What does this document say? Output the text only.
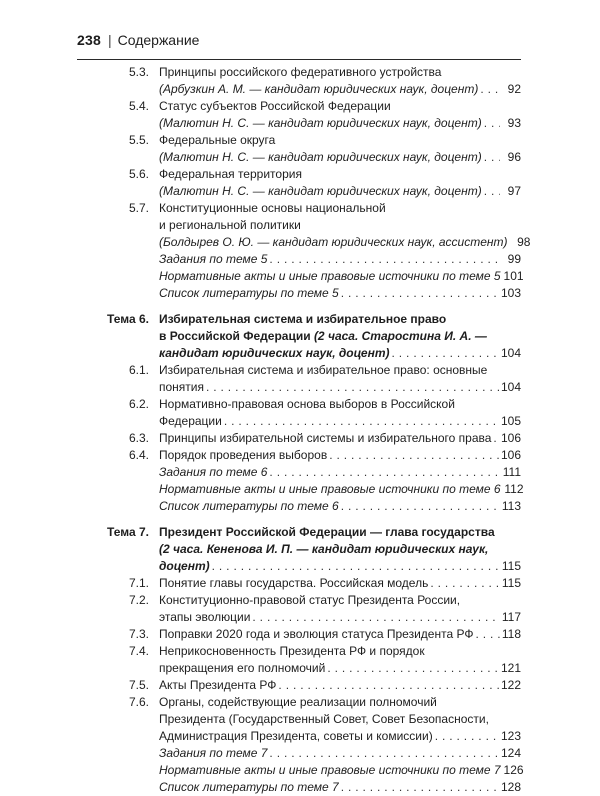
238 | Содержание
5.3. Принципы российского федеративного устройства
(Арбузкин А. М. — кандидат юридических наук, доцент) . . .	92
5.4. Статус субъектов Российской Федерации
(Малютин Н. С. — кандидат юридических наук, доцент) . . .	93
5.5. Федеральные округа
(Малютин Н. С. — кандидат юридических наук, доцент) . . .	96
5.6. Федеральная территория
(Малютин Н. С. — кандидат юридических наук, доцент) . . .	97
5.7. Конституционные основы национальной
и региональной политики
(Болдырев О. Ю. — кандидат юридических наук, ассистент) 98
Задания по теме 5 . . .	99
Нормативные акты и иные правовые источники по теме 5 101
Список литературы по теме 5 . . .	103
Тема 6. Избирательная система и избирательное право
в Российской Федерации (2 часа. Старостина И. А. —
кандидат юридических наук, доцент) . . .	104
6.1. Избирательная система и избирательное право: основные
понятия . . .	104
6.2. Нормативно-правовая основа выборов в Российской
Федерации . . .	105
6.3. Принципы избирательной системы и избирательного права . . . 106
6.4. Порядок проведения выборов . . .	106
Задания по теме 6 . . .	111
Нормативные акты и иные правовые источники по теме 6 112
Список литературы по теме 6 . . .	113
Тема 7. Президент Российской Федерации — глава государства
(2 часа. Кененова И. П. — кандидат юридических наук,
доцент) . . .	115
7.1. Понятие главы государства. Российская модель . . .	115
7.2. Конституционно-правовой статус Президента России,
этапы эволюции . . .	117
7.3. Поправки 2020 года и эволюция статуса Президента РФ . . . 118
7.4. Неприкосновенность Президента РФ и порядок
прекращения его полномочий . . .	121
7.5. Акты Президента РФ . . .	122
7.6. Органы, содействующие реализации полномочий
Президента (Государственный Совет, Совет Безопасности,
Администрация Президента, советы и комиссии) . . .	123
Задания по теме 7 . . .	124
Нормативные акты и иные правовые источники по теме 7 126
Список литературы по теме 7 . . .	128
